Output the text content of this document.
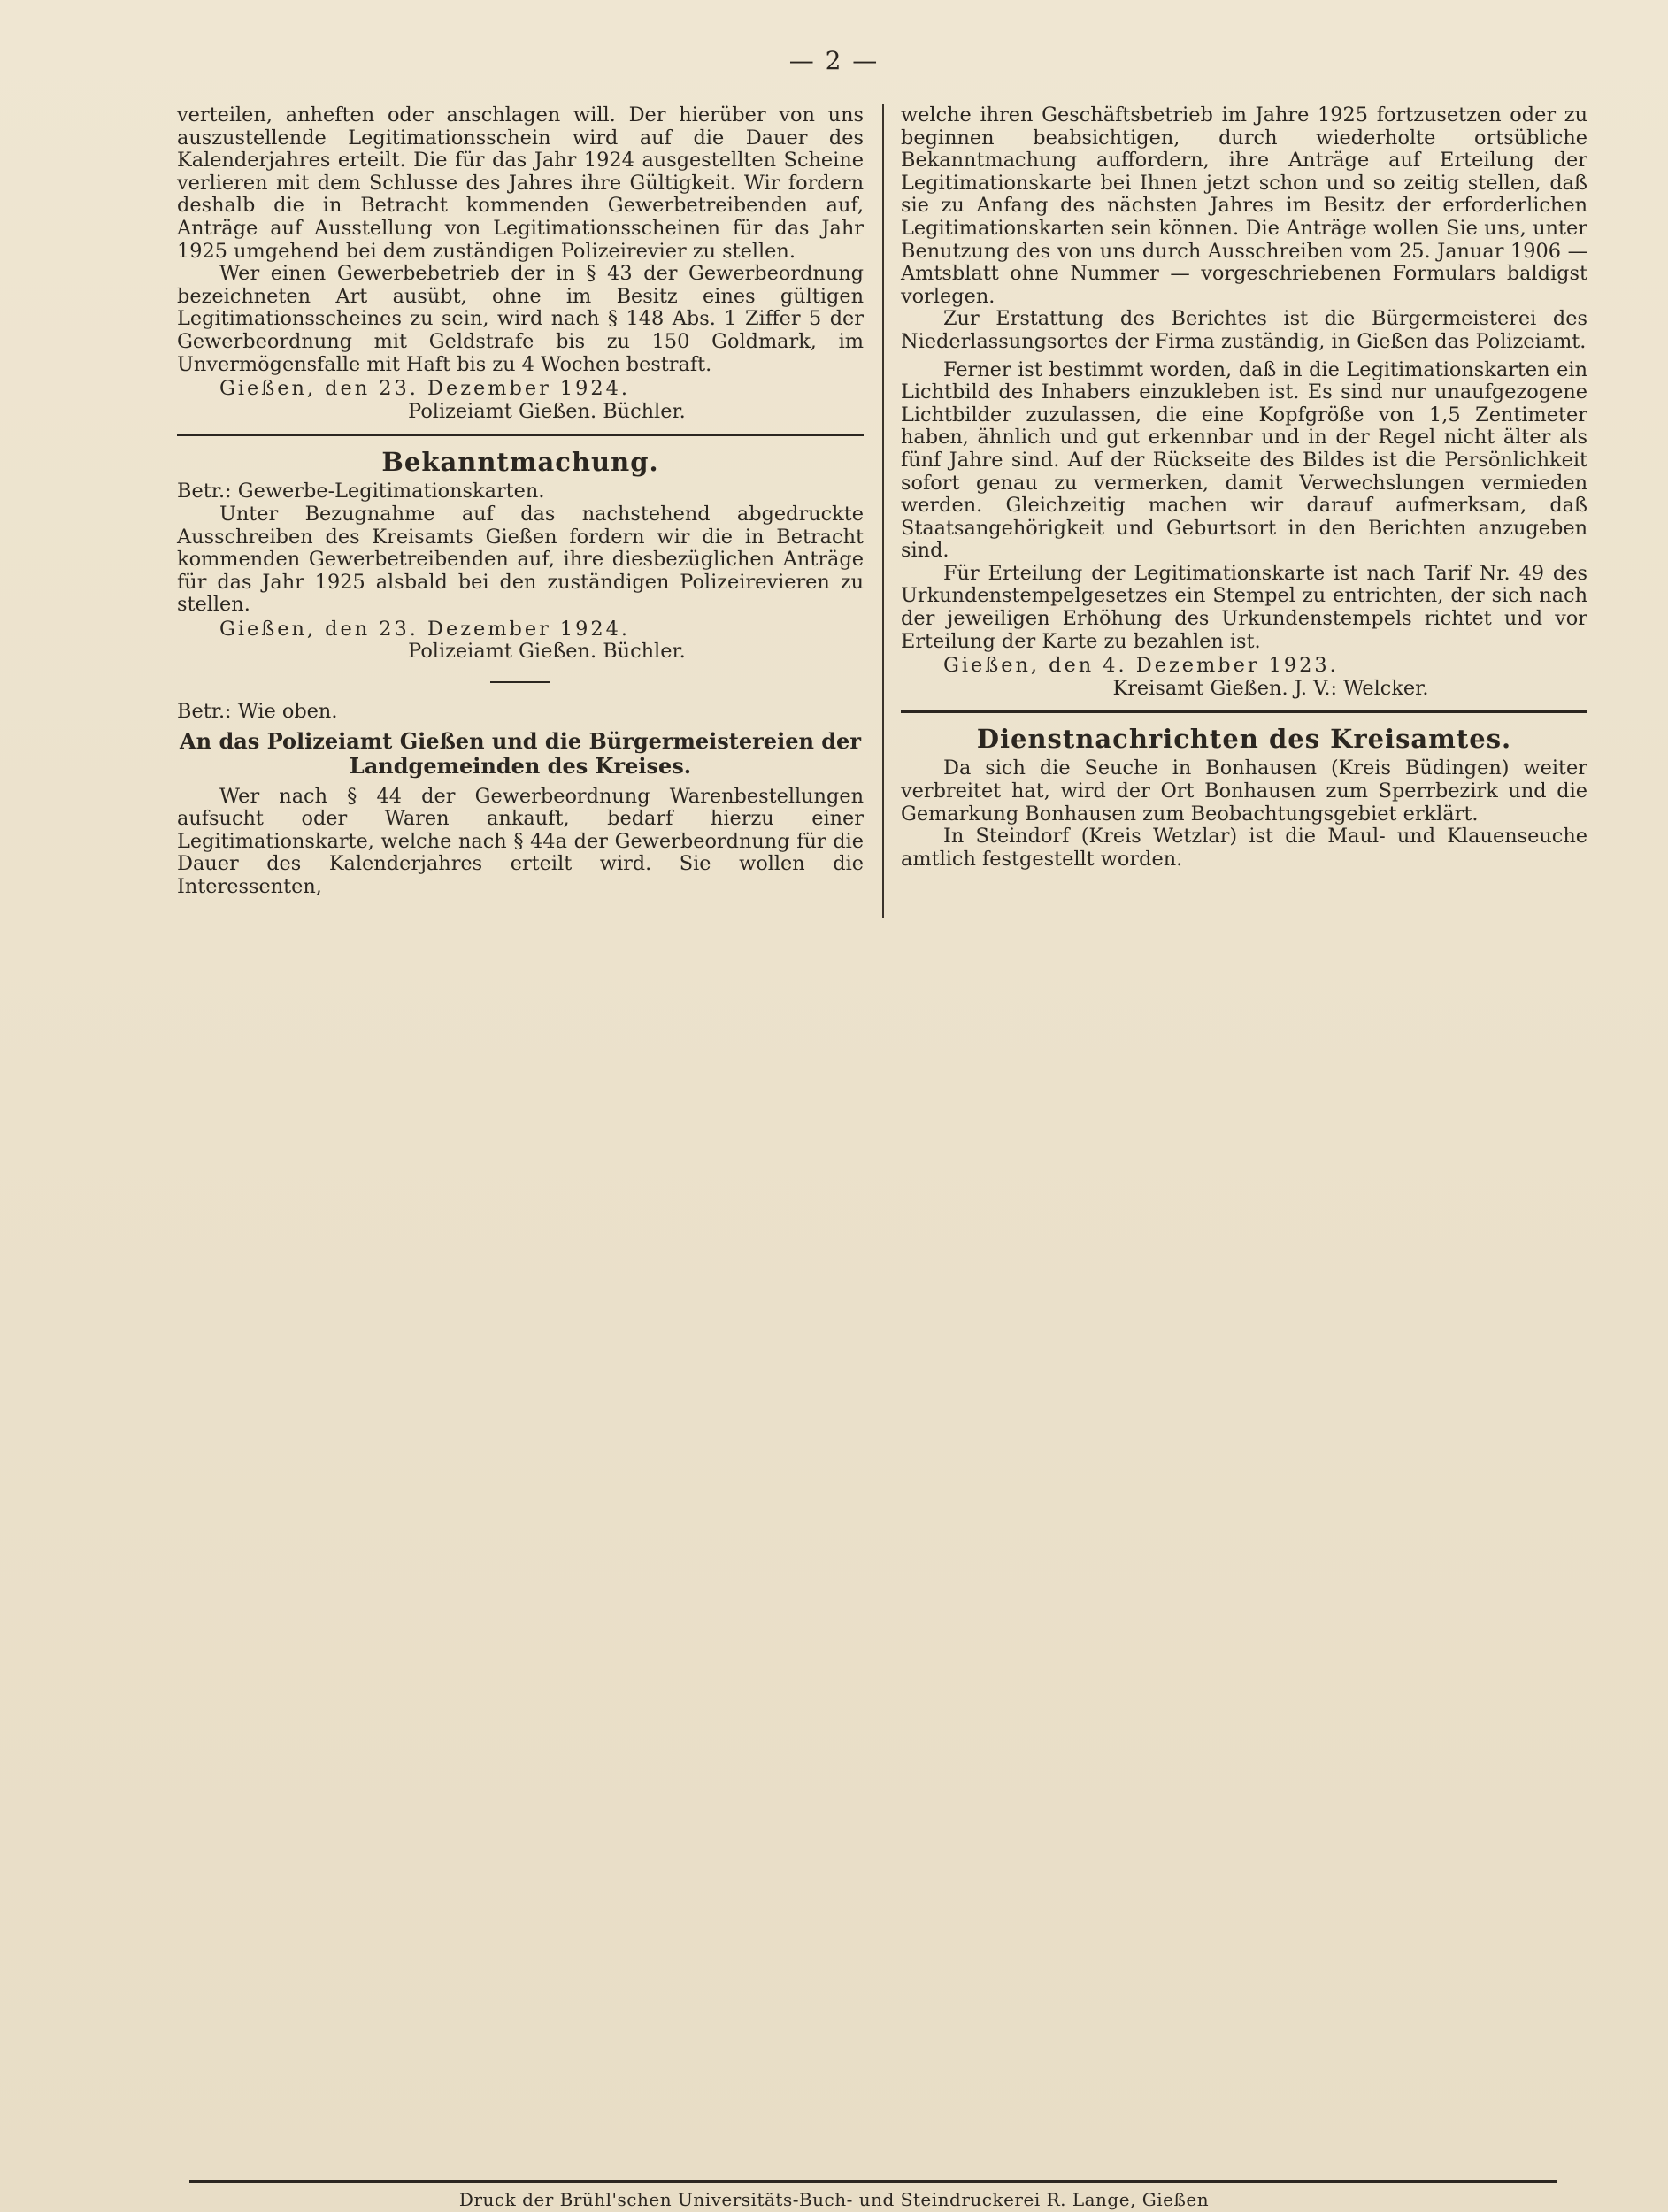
— 2 —

verteilen, anheften oder anschlagen will. Der hierüber von uns auszustellende Legitimationsschein wird auf die Dauer des Kalenderjahres erteilt. Die für das Jahr 1924 ausgestellten Scheine verlieren mit dem Schlusse des Jahres ihre Gültigkeit. Wir fordern deshalb die in Betracht kommenden Gewerbetreibenden auf, Anträge auf Ausstellung von Legitimationsscheinen für das Jahr 1925 umgehend bei dem zuständigen Polizeirevier zu stellen.

Wer einen Gewerbebetrieb der in § 43 der Gewerbeordnung bezeichneten Art ausübt, ohne im Besitz eines gültigen Legitimationsscheines zu sein, wird nach § 148 Abs. 1 Ziffer 5 der Gewerbeordnung mit Geldstrafe bis zu 150 Goldmark, im Unvermögensfalle mit Haft bis zu 4 Wochen bestraft.

Gießen, den 23. Dezember 1924.

Polizeiamt Gießen. Büchler.

Bekanntmachung.

Betr.: Gewerbe-Legitimationskarten.

Unter Bezugnahme auf das nachstehend abgedruckte Ausschreiben des Kreisamts Gießen fordern wir die in Betracht kommenden Gewerbetreibenden auf, ihre diesbezüglichen Anträge für das Jahr 1925 alsbald bei den zuständigen Polizeirevieren zu stellen.

Gießen, den 23. Dezember 1924.

Polizeiamt Gießen. Büchler.

Betr.: Wie oben.

An das Polizeiamt Gießen und die Bürgermeistereien der Landgemeinden des Kreises.

Wer nach § 44 der Gewerbeordnung Warenbestellungen aufsucht oder Waren ankauft, bedarf hierzu einer Legitimationskarte, welche nach § 44a der Gewerbeordnung für die Dauer des Kalenderjahres erteilt wird. Sie wollen die Interessenten,

welche ihren Geschäftsbetrieb im Jahre 1925 fortzusetzen oder zu beginnen beabsichtigen, durch wiederholte ortsübliche Bekanntmachung auffordern, ihre Anträge auf Erteilung der Legitimationskarte bei Ihnen jetzt schon und so zeitig stellen, daß sie zu Anfang des nächsten Jahres im Besitz der erforderlichen Legitimationskarten sein können. Die Anträge wollen Sie uns, unter Benutzung des von uns durch Ausschreiben vom 25. Januar 1906 — Amtsblatt ohne Nummer — vorgeschriebenen Formulars baldigst vorlegen.

Zur Erstattung des Berichtes ist die Bürgermeisterei des Niederlassungsortes der Firma zuständig, in Gießen das Polizeiamt.

Ferner ist bestimmt worden, daß in die Legitimationskarten ein Lichtbild des Inhabers einzukleben ist. Es sind nur unaufgezogene Lichtbilder zuzulassen, die eine Kopfgröße von 1,5 Zentimeter haben, ähnlich und gut erkennbar und in der Regel nicht älter als fünf Jahre sind. Auf der Rückseite des Bildes ist die Persönlichkeit sofort genau zu vermerken, damit Verwechslungen vermieden werden. Gleichzeitig machen wir darauf aufmerksam, daß Staatsangehörigkeit und Geburtsort in den Berichten anzugeben sind.

Für Erteilung der Legitimationskarte ist nach Tarif Nr. 49 des Urkundenstempelgesetzes ein Stempel zu entrichten, der sich nach der jeweiligen Erhöhung des Urkundenstempels richtet und vor Erteilung der Karte zu bezahlen ist.

Gießen, den 4. Dezember 1923.

Kreisamt Gießen. J. V.: Welcker.

Dienstnachrichten des Kreisamtes.

Da sich die Seuche in Bonhausen (Kreis Büdingen) weiter verbreitet hat, wird der Ort Bonhausen zum Sperrbezirk und die Gemarkung Bonhausen zum Beobachtungsgebiet erklärt.

In Steindorf (Kreis Wetzlar) ist die Maul- und Klauenseuche amtlich festgestellt worden.

Druck der Brühl'schen Universitäts-Buch- und Steindruckerei R. Lange, Gießen
